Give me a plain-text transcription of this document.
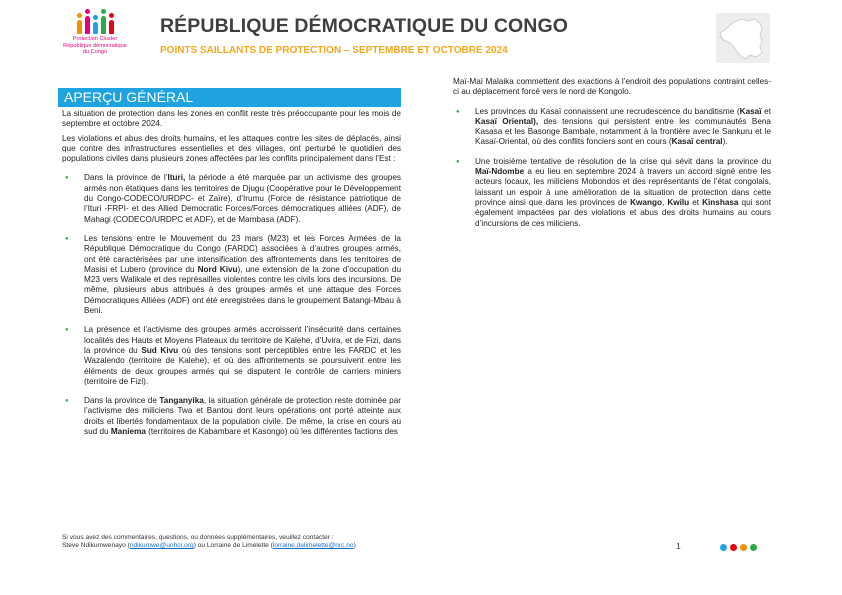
Protection Cluster
République démocratique
du Congo
RÉPUBLIQUE DÉMOCRATIQUE DU CONGO
POINTS SAILLANTS DE PROTECTION – SEPTEMBRE ET OCTOBRE 2024
APERÇU GÉNÉRAL

La situation de protection dans les zones en conflit reste très préoccupante pour les mois de septembre et octobre 2024.

Les violations et abus des droits humains, et les attaques contre les sites de déplacés, ainsi que contre des infrastructures essentielles et des villages, ont perturbé le quotidien des populations civiles dans plusieurs zones affectées par les conflits principalement dans l’Est :

● Dans la province de l’Ituri, la période a été marquée par un activisme des groupes armés non étatiques dans les territoires de Djugu (Coopérative pour le Développement du Congo-CODECO/URDPC- et Zaïre), d’Irumu (Force de résistance patriotique de l’Ituri -FRPI- et des Allied Democratic Forces/Forces démocratiques alliées (ADF), de Mahagi (CODECO/URDPC et ADF), et de Mambasa (ADF).
● Les tensions entre le Mouvement du 23 mars (M23) et les Forces Armées de la République Démocratique du Congo (FARDC) associées à d’autres groupes armés, ont été caractérisées par une intensification des affrontements dans les territoires de Masisi et Lubero (province du Nord Kivu), une extension de la zone d’occupation du M23 vers Walikale et des représailles violentes contre les civils lors des incursions. De même, plusieurs abus attribués à des groupes armés et une attaque des Forces Démocratiques Alliées (ADF) ont été enregistrées dans le groupement Batangi-Mbau à Beni.
● La présence et l’activisme des groupes armés accroissent l’insécurité dans certaines localités des Hauts et Moyens Plateaux du territoire de Kalehe, d’Uvira, et de Fizi, dans la province du Sud Kivu où des tensions sont perceptibles entre les FARDC et les Wazalendo (territoire de Kalehe), et où des affrontements se poursuivent entre les éléments de deux groupes armés qui se disputent le contrôle de carriers miniers (territoire de Fizi).
● Dans la province de Tanganyika, la situation générale de protection reste dominée par l’activisme des miliciens Twa et Bantou dont leurs opérations ont porté atteinte aux droits et libertés fondamentaux de la population civile. De même, la crise en cours au sud du Maniema (territoires de Kabambare et Kasongo) où les différentes factions des

Maï-Maï Malaika commettent des exactions à l’endroit des populations contraint celles-ci au déplacement forcé vers le nord de Kongolo.

● Les provinces du Kasaï connaissent une recrudescence du banditisme (Kasaï et Kasaï Oriental), des tensions qui persistent entre les communautés Bena Kasasa et les Basonge Bambale, notamment à la frontière avec le Sankuru et le Kasaï-Oriental, où des conflits fonciers sont en cours (Kasaï central).
● Une troisième tentative de résolution de la crise qui sévit dans la province du Maï-Ndombe a eu lieu en septembre 2024 à travers un accord signé entre les acteurs locaux, les miliciens Mobondos et des représentants de l’état congolais, laissant un espoir à une amélioration de la situation de protection dans cette province ainsi que dans les provinces de Kwango, Kwilu et Kinshasa qui sont également impactées par des violations et abus des droits humains au cours d’incursions de ces miliciens.
Si vous avez des commentaires, questions, ou données supplémentaires, veuillez contacter :
Steve Ndikumwenayo (ndikumwe@unhcr.org) ou Lorraine de Limelette (lorraine.delimelette@nrc.no)	1
